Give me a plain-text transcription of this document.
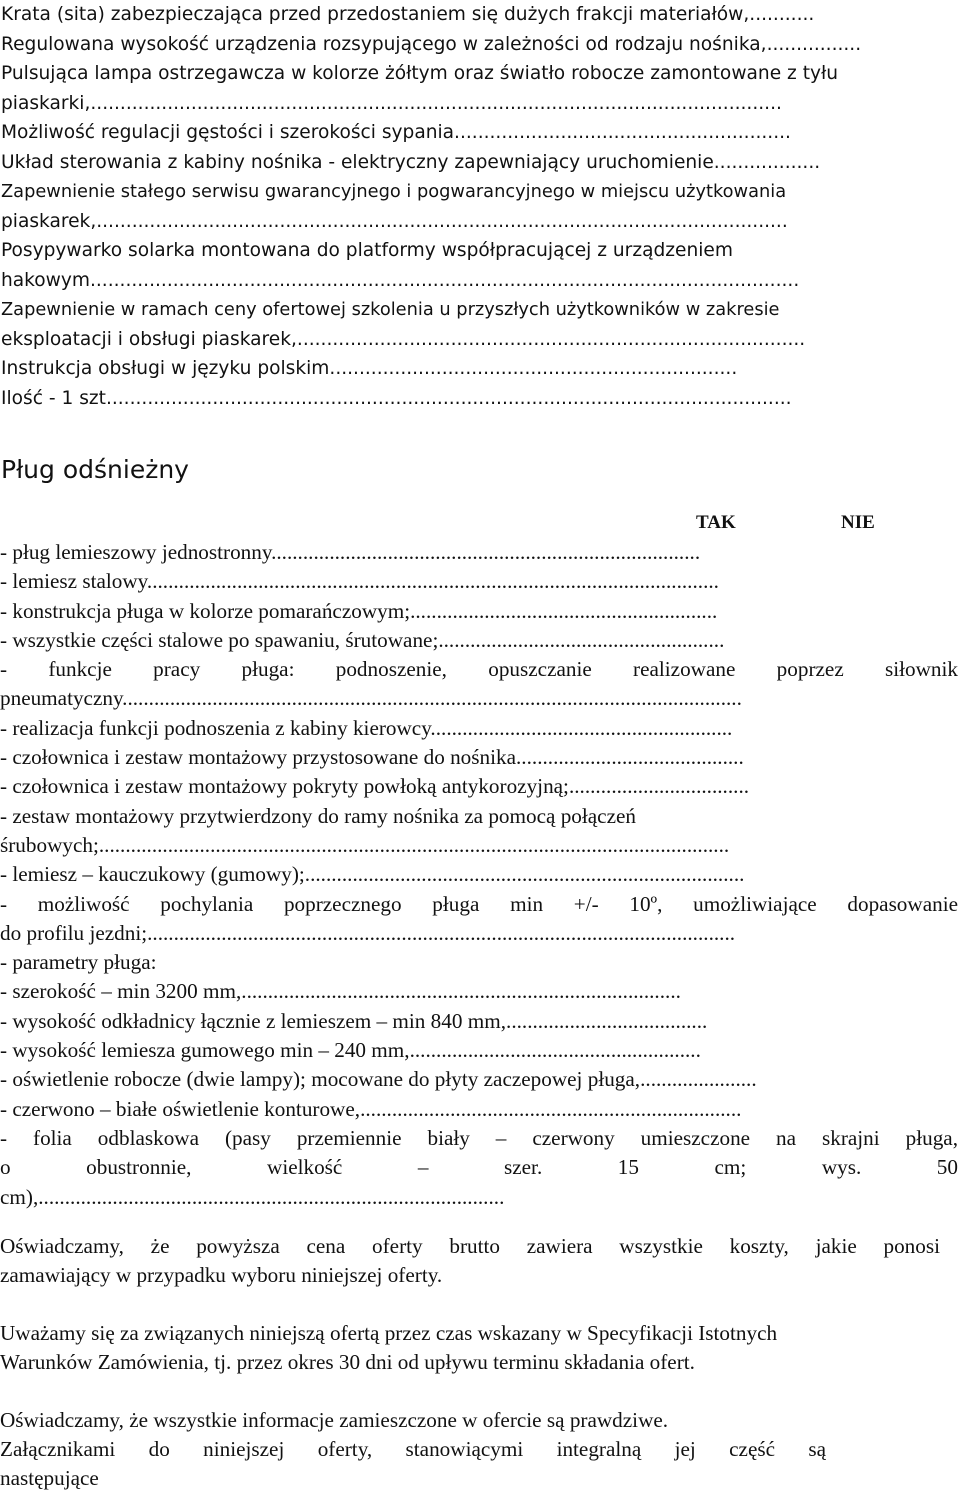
Krata (sita) zabezpieczająca przed przedostaniem się dużych frakcji materiałów,...........
Regulowana wysokość urządzenia rozsypującego w zależności od rodzaju nośnika,................
Pulsująca lampa ostrzegawcza w kolorze żółtym oraz światło robocze zamontowane z tyłu
piaskarki,.....................................................................................................................
Możliwość regulacji gęstości i szerokości sypania.........................................................
Układ sterowania z kabiny nośnika - elektryczny zapewniający uruchomienie..................
Zapewnienie stałego serwisu gwarancyjnego i pogwarancyjnego w miejscu użytkowania
piaskarek,.....................................................................................................................
Posypywarko solarka montowana do platformy współpracującej z urządzeniem
hakowym........................................................................................................................
Zapewnienie w ramach ceny ofertowej szkolenia u przyszłych użytkowników w zakresie
eksploatacji i obsługi piaskarek,......................................................................................
Instrukcja obsługi w języku polskim.....................................................................
Ilość - 1 szt....................................................................................................................
Pług odśnieżny
TAK	NIE
- pług lemieszowy jednostronny.................................................................................
- lemiesz stalowy............................................................................................................
- konstrukcja pługa w kolorze pomarańczowym;..........................................................
- wszystkie części stalowe po spawaniu, śrutowane;......................................................
- funkcje pracy pługa: podnoszenie, opuszczanie realizowane poprzez siłownik
pneumatyczny.....................................................................................................................
- realizacja funkcji podnoszenia z kabiny kierowcy.........................................................
- czołownica i zestaw montażowy przystosowane do nośnika...........................................
- czołownica i zestaw montażowy pokryty powłoką antykorozyjną;..................................
- zestaw montażowy przytwierdzony do ramy nośnika za pomocą połączeń
śrubowych;.......................................................................................................................
- lemiesz – kauczukowy (gumowy);...................................................................................
- możliwość pochylania poprzecznego pługa min +/- 10º, umożliwiające dopasowanie
do profilu jezdni;...............................................................................................................
- parametry pługa:
- szerokość – min 3200 mm,...................................................................................
- wysokość odkładnicy łącznie z lemieszem – min 840 mm,......................................
- wysokość lemiesza gumowego min – 240 mm,.......................................................
- oświetlenie robocze (dwie lampy); mocowane do płyty zaczepowej pługa,......................
- czerwono – białe oświetlenie konturowe,........................................................................
- folia odblaskowa (pasy przemiennie biały – czerwony umieszczone na skrajni pługa,
o obustronnie, wielkość – szer. 15 cm; wys. 50
cm),........................................................................................
Oświadczamy, że powyższa cena oferty brutto zawiera wszystkie koszty, jakie ponosi
zamawiający w przypadku wyboru niniejszej oferty.
Uważamy się za związanych niniejszą ofertą przez czas wskazany w Specyfikacji Istotnych
Warunków Zamówienia, tj. przez okres 30 dni od upływu terminu składania ofert.
Oświadczamy, że wszystkie informacje zamieszczone w ofercie są prawdziwe.
Załącznikami do niniejszej oferty, stanowiącymi integralną jej część są
następujące
